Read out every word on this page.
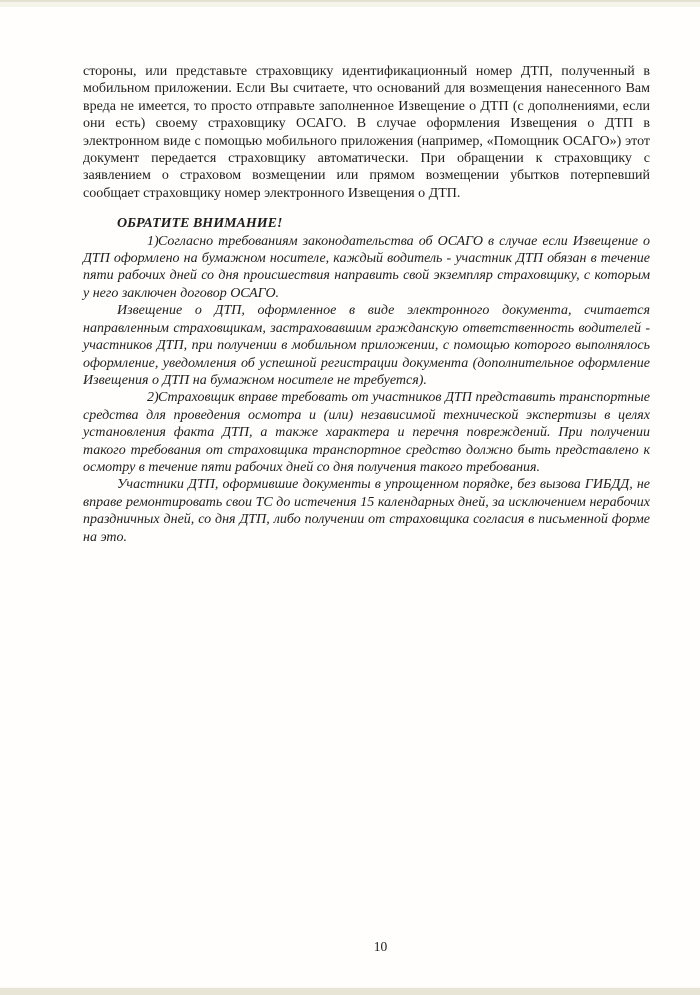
стороны, или представьте страховщику идентификационный номер ДТП, полученный в мобильном приложении. Если Вы считаете, что оснований для возмещения нанесенного Вам вреда не имеется, то просто отправьте заполненное Извещение о ДТП (с дополнениями, если они есть) своему страховщику ОСАГО. В случае оформления Извещения о ДТП в электронном виде с помощью мобильного приложения (например, «Помощник ОСАГО») этот документ передается страховщику автоматически. При обращении к страховщику с заявлением о страховом возмещении или прямом возмещении убытков потерпевший сообщает страховщику номер электронного Извещения о ДТП.

ОБРАТИТЕ ВНИМАНИЕ!

1)Согласно требованиям законодательства об ОСАГО в случае если Извещение о ДТП оформлено на бумажном носителе, каждый водитель - участник ДТП обязан в течение пяти рабочих дней со дня происшествия направить свой экземпляр страховщику, с которым у него заключен договор ОСАГО.

Извещение о ДТП, оформленное в виде электронного документа, считается направленным страховщикам, застраховавшим гражданскую ответственность водителей - участников ДТП, при получении в мобильном приложении, с помощью которого выполнялось оформление, уведомления об успешной регистрации документа (дополнительное оформление Извещения о ДТП на бумажном носителе не требуется).

2)Страховщик вправе требовать от участников ДТП представить транспортные средства для проведения осмотра и (или) независимой технической экспертизы в целях установления факта ДТП, а также характера и перечня повреждений. При получении такого требования от страховщика транспортное средство должно быть представлено к осмотру в течение пяти рабочих дней со дня получения такого требования.

Участники ДТП, оформившие документы в упрощенном порядке, без вызова ГИБДД, не вправе ремонтировать свои ТС до истечения 15 календарных дней, за исключением нерабочих праздничных дней, со дня ДТП, либо получении от страховщика согласия в письменной форме на это.

10
